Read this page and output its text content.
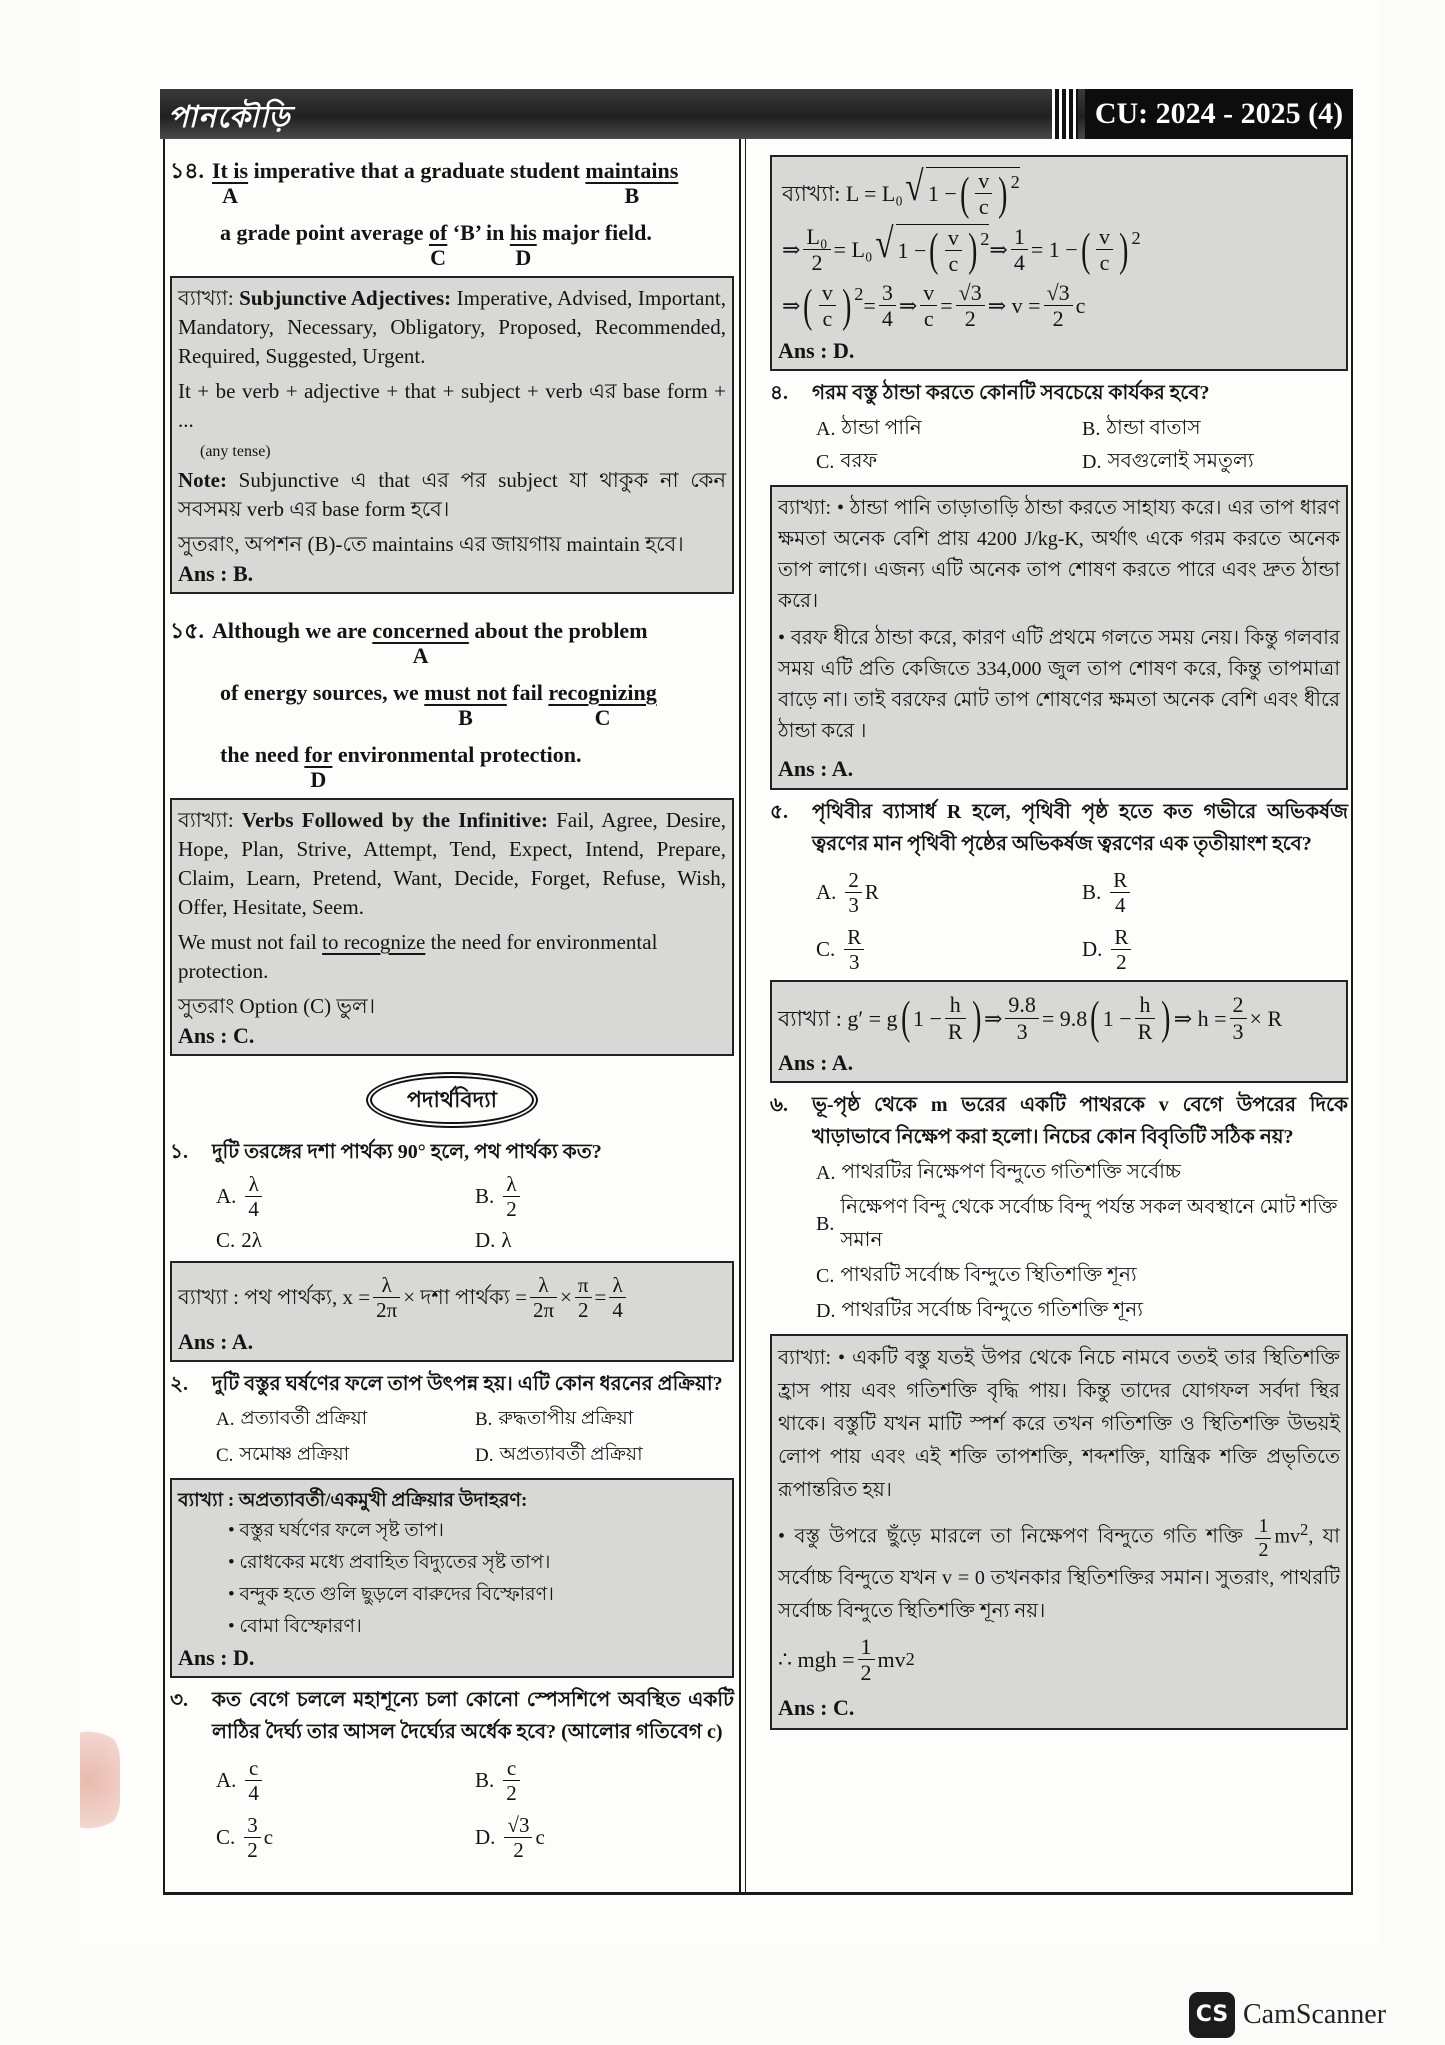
পানকৌড়ি	CU: 2024 - 2025 (4)
১৪. It is
A
imperative that a graduate student maintains
B
a grade point average of
C
‘B’ in his
D
major field.

ব্যাখ্যা: Subjunctive Adjectives: Imperative, Advised, Important, Mandatory, Necessary, Obligatory, Proposed, Recommended, Required, Suggested, Urgent.

It + be verb + adjective + that + subject + verb এর base form + ...
(any tense)

Note: Subjunctive এ that এর পর subject যা থাকুক না কেন সবসময় verb এর base form হবে।

সুতরাং, অপশন (B)-তে maintains এর জায়গায় maintain হবে।

Ans : B.
১৫. Although we are concerned
A
about the problem
of energy sources, we must not
B
fail recognizing
C
the need for
D
environmental protection.

ব্যাখ্যা: Verbs Followed by the Infinitive: Fail, Agree, Desire, Hope, Plan, Strive, Attempt, Tend, Expect, Intend, Prepare, Claim, Learn, Pretend, Want, Decide, Forget, Refuse, Wish, Offer, Hesitate, Seem.

We must not fail to recognize the need for environmental protection.

সুতরাং Option (C) ভুল।

Ans : C.
পদার্থবিদ্যা
১.	দুটি তরঙ্গের দশা পার্থক্য 90° হলে, পথ পার্থক্য কত?
A. $\frac{\lambda}{4}$	B. $\frac{\lambda}{2}$
C. 2λ	D. λ
ব্যাখ্যা : পথ পার্থক্য, $x = \frac{\lambda}{2\pi}$ × দশা পার্থক্য = $\frac{\lambda}{2\pi} \times \frac{\pi}{2} = \frac{\lambda}{4}$
Ans : A.
২.	দুটি বস্তুর ঘর্ষণের ফলে তাপ উৎপন্ন হয়। এটি কোন ধরনের প্রক্রিয়া?
A. প্রত্যাবর্তী প্রক্রিয়া	B. রুদ্ধতাপীয় প্রক্রিয়া
C. সমোষ্ণ প্রক্রিয়া	D. অপ্রত্যাবর্তী প্রক্রিয়া
ব্যাখ্যা : অপ্রত্যাবর্তী/একমুখী প্রক্রিয়ার উদাহরণ:
• বস্তুর ঘর্ষণের ফলে সৃষ্ট তাপ।
• রোধকের মধ্যে প্রবাহিত বিদ্যুতের সৃষ্ট তাপ।
• বন্দুক হতে গুলি ছুড়লে বারুদের বিস্ফোরণ।
• বোমা বিস্ফোরণ।
Ans : D.
৩.	কত বেগে চললে মহাশূন্যে চলা কোনো স্পেসশিপে অবস্থিত একটি লাঠির দৈর্ঘ্য তার আসল দৈর্ঘ্যের অর্ধেক হবে? (আলোর গতিবেগ c)
A. $\frac{c}{4}$	B. $\frac{c}{2}$
C. $\frac{3}{2}$ c	D. $\frac{√3}{2}$ c
ব্যাখ্যা: L = L₀ √ 1 − ( $\frac{v}{c} )^2$
⇒ $\frac{\text{L₀}}{2} = L_0$ √ 1 − ( $\frac{v}{c} )^2$ ⇒ $\frac{1}{4} = 1$ − ( $\frac{v}{c} )^2$
⇒ ( $\frac{v}{c} )^2 = \frac{3}{4}$ ⇒ $\frac{v}{c} = \frac{√3}{2}$ ⇒ $v = \frac{√3}{2}$ c
Ans : D.
৪.	গরম বস্তু ঠান্ডা করতে কোনটি সবচেয়ে কার্যকর হবে?
A. ঠান্ডা পানি	B. ঠান্ডা বাতাস
C. বরফ	D. সবগুলোই সমতুল্য

ব্যাখ্যা: • ঠান্ডা পানি তাড়াতাড়ি ঠান্ডা করতে সাহায্য করে। এর তাপ ধারণ ক্ষমতা অনেক বেশি প্রায় 4200 J/kg-K, অর্থাৎ একে গরম করতে অনেক তাপ লাগে। এজন্য এটি অনেক তাপ শোষণ করতে পারে এবং দ্রুত ঠান্ডা করে।

• বরফ ধীরে ঠান্ডা করে, কারণ এটি প্রথমে গলতে সময় নেয়। কিন্তু গলবার সময় এটি প্রতি কেজিতে 334,000 জুল তাপ শোষণ করে, কিন্তু তাপমাত্রা বাড়ে না। তাই বরফের মোট তাপ শোষণের ক্ষমতা অনেক বেশি এবং ধীরে ঠান্ডা করে ।

Ans : A.
৫.	পৃথিবীর ব্যাসার্ধ R হলে, পৃথিবী পৃষ্ঠ হতে কত গভীরে অভিকর্ষজ ত্বরণের মান পৃথিবী পৃষ্ঠের অভিকর্ষজ ত্বরণের এক তৃতীয়াংশ হবে?
A. $\frac{2}{3}$ R	B. $\frac{R}{4}$
C. $\frac{R}{3}$	D. $\frac{R}{2}$
ব্যাখ্যা : g′ = g ( $1 - \frac{h}{R}$ ) ⇒ $\frac{9.8}{3} = 9.8$ ( $1 - \frac{h}{R}$ ) ⇒ $h = \frac{2}{3} \times R$
Ans : A.
৬.	ভূ-পৃষ্ঠ থেকে m ভরের একটি পাথরকে v বেগে উপরের দিকে খাড়াভাবে নিক্ষেপ করা হলো। নিচের কোন বিবৃতিটি সঠিক নয়?
A. পাথরটির নিক্ষেপণ বিন্দুতে গতিশক্তি সর্বোচ্চ
B.
নিক্ষেপণ বিন্দু থেকে সর্বোচ্চ বিন্দু পর্যন্ত সকল অবস্থানে মোট শক্তি সমান
C. পাথরটি সর্বোচ্চ বিন্দুতে স্থিতিশক্তি শূন্য
D. পাথরটির সর্বোচ্চ বিন্দুতে গতিশক্তি শূন্য

ব্যাখ্যা: • একটি বস্তু যতই উপর থেকে নিচে নামবে ততই তার স্থিতিশক্তি হ্রাস পায় এবং গতিশক্তি বৃদ্ধি পায়। কিন্তু তাদের যোগফল সর্বদা স্থির থাকে। বস্তুটি যখন মাটি স্পর্শ করে তখন গতিশক্তি ও স্থিতিশক্তি উভয়ই লোপ পায় এবং এই শক্তি তাপশক্তি, শব্দশক্তি, যান্ত্রিক শক্তি প্রভৃতিতে রূপান্তরিত হয়।

• বস্তু উপরে ছুঁড়ে মারলে তা নিক্ষেপণ বিন্দুতে গতি শক্তি $\frac{1}{2} mv^2$, যা সর্বোচ্চ বিন্দুতে যখন v = 0 তখনকার স্থিতিশক্তির সমান। সুতরাং, পাথরটি সর্বোচ্চ বিন্দুতে স্থিতিশক্তি শূন্য নয়।

∴ mgh = $\frac{1}{2}$ mv 2

Ans : C.
CS CamScanner
